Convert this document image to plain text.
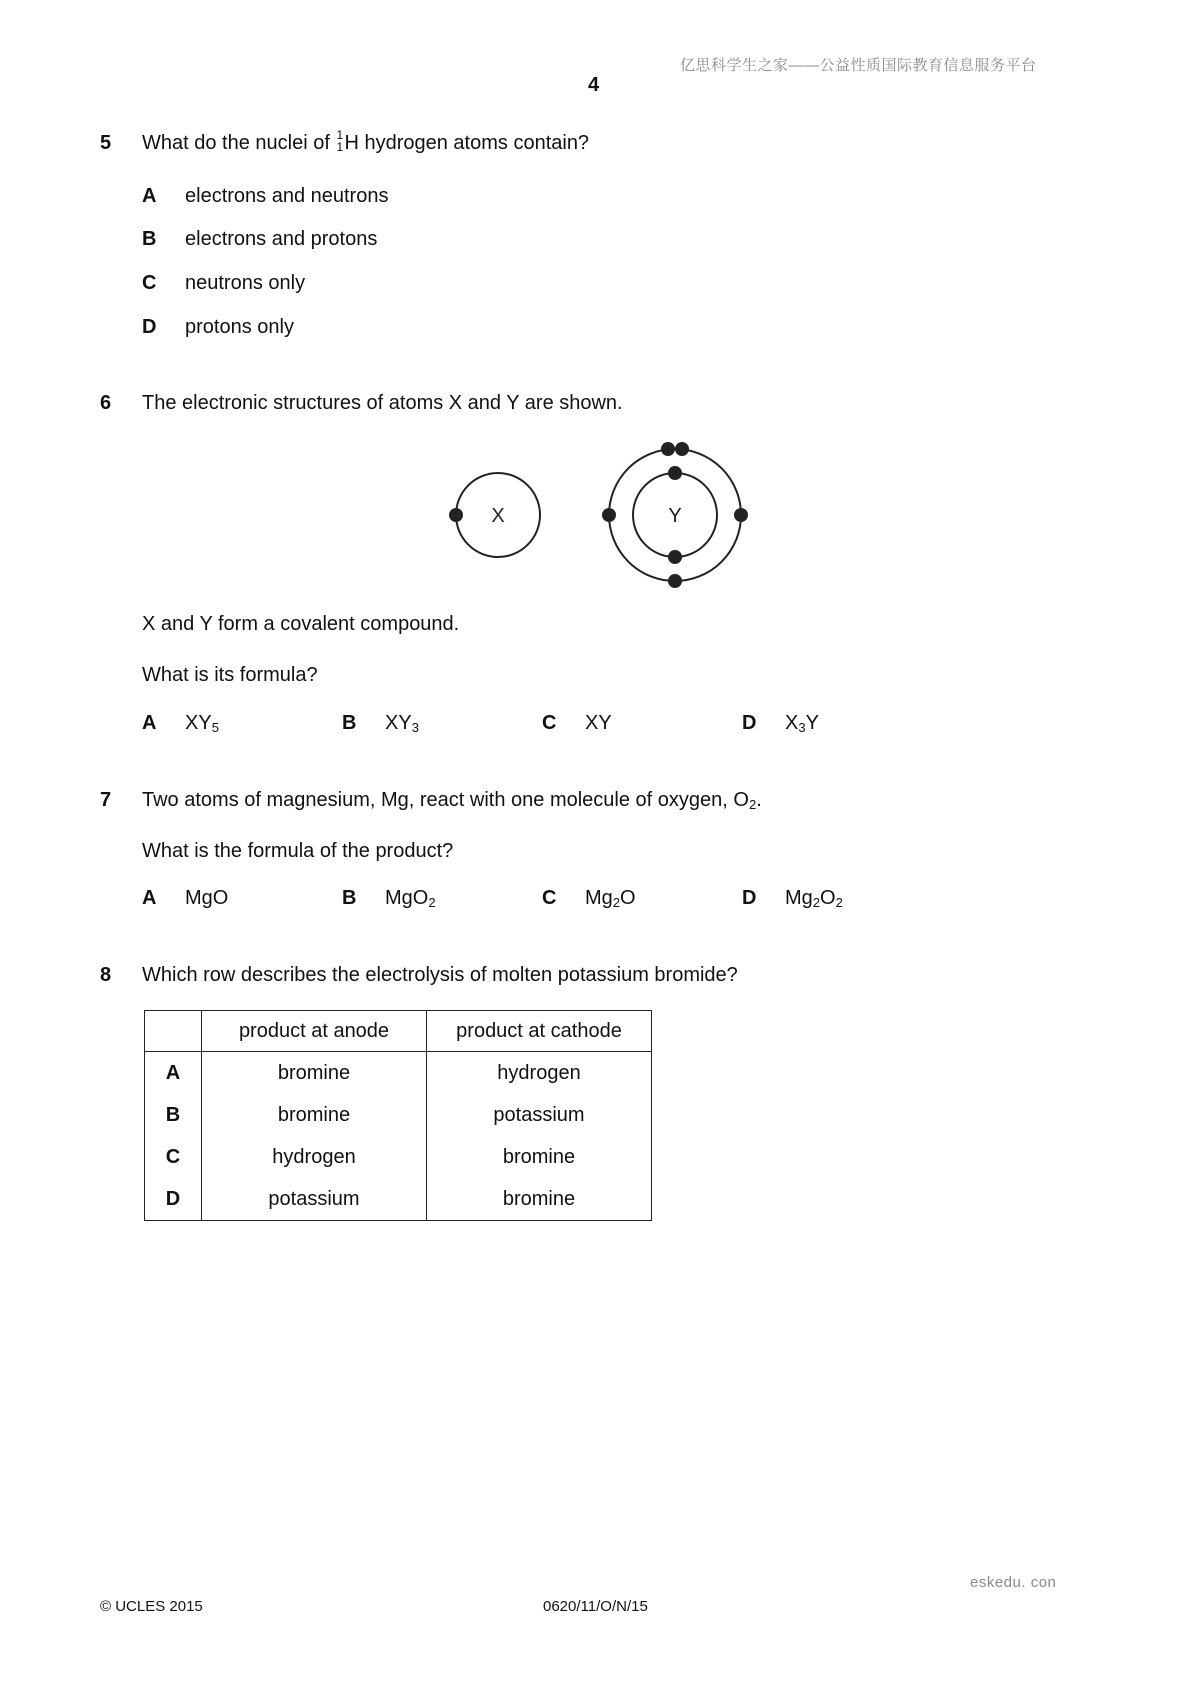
亿思科学生之家——公益性质国际教育信息服务平台
4
5 What do the nuclei of 1
1 H hydrogen atoms contain?
A electrons and neutrons
B electrons and protons
C neutrons only
D protons only
6 The electronic structures of atoms X and Y are shown.
X	Y
X and Y form a covalent compound.
What is its formula?
A $XY_5$	B $XY_3$	C XY	D $X_3Y$
7 Two atoms of magnesium, Mg, react with one molecule of oxygen, $O_2$.
What is the formula of the product?
A MgO	B MgO$_2$	C $Mg_2O$	D $Mg_2O_2$
8 Which row describes the electrolysis of molten potassium bromide?
	product at anode	product at cathode
A	bromine	hydrogen
B	bromine	potassium
C	hydrogen	bromine
D	potassium	bromine
eskedu. con
© UCLES 2015	0620/11/O/N/15
